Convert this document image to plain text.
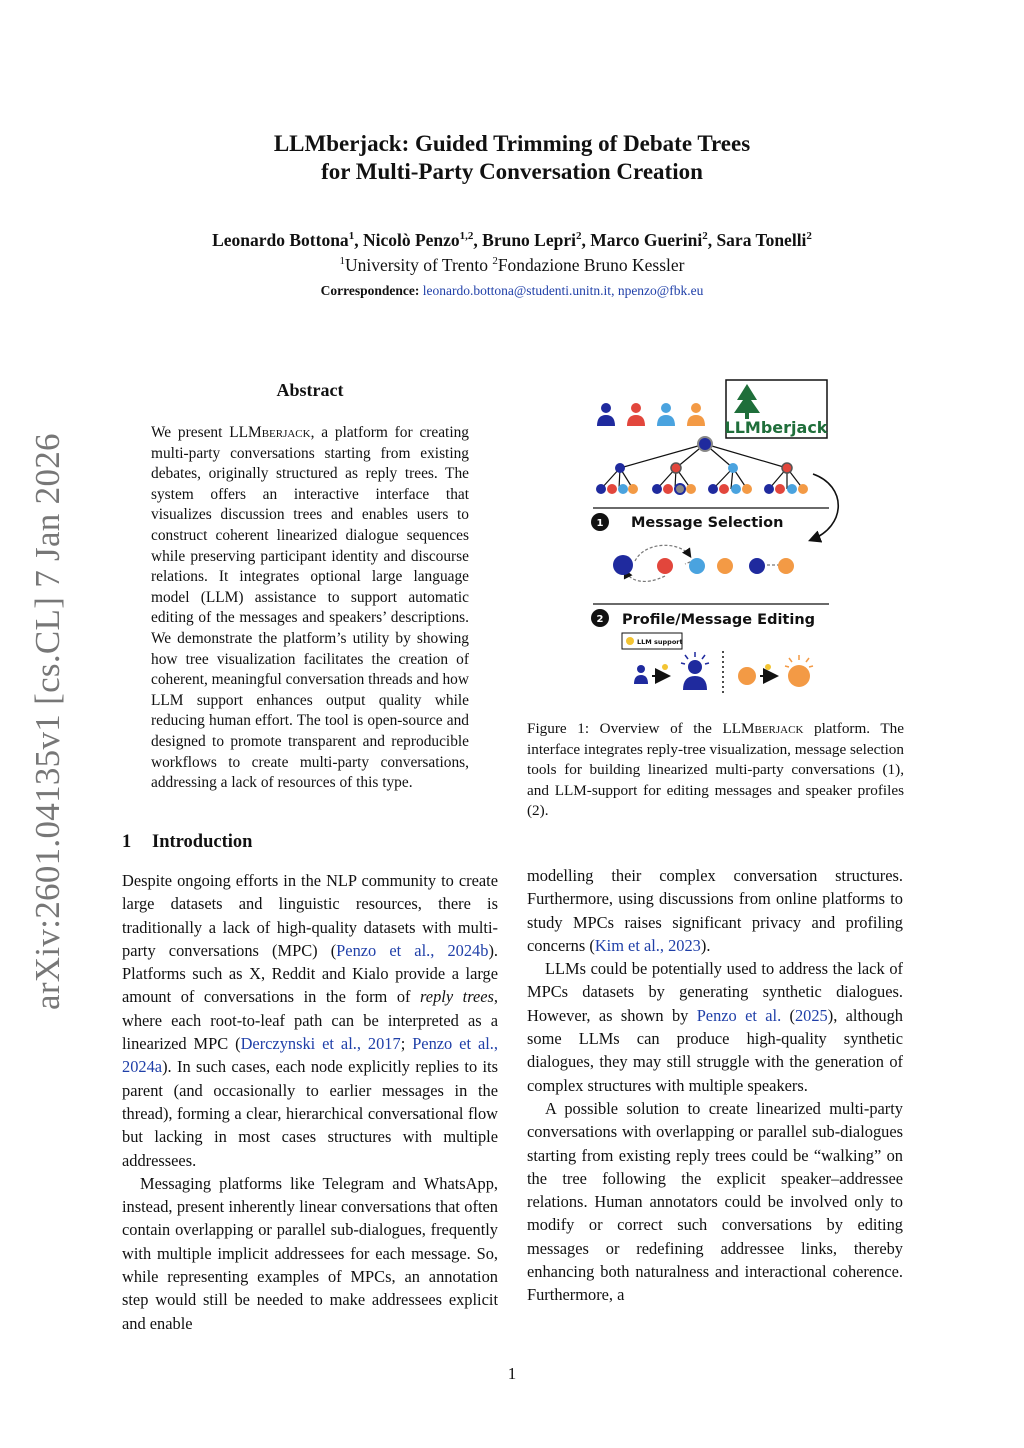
arXiv:2601.04135v1 [cs.CL] 7 Jan 2026
LLMberjack: Guided Trimming of Debate Trees
for Multi-Party Conversation Creation
Leonardo Bottona$^1$, Nicolò Penzo$^{1,2}$, Bruno Lepri$^2$, Marco Guerini$^2$, Sara Tonelli$^2$
$^1$University of Trento $^2$Fondazione Bruno Kessler
Correspondence: leonardo.bottona@studenti.unitn.it, npenzo@fbk.eu
Abstract
We present LLMberjack, a platform for creating multi-party conversations starting from existing debates, originally structured as reply trees. The system offers an interactive interface that visualizes discussion trees and enables users to construct coherent linearized dialogue sequences while preserving participant identity and discourse relations. It integrates optional large language model (LLM) assistance to support automatic editing of the messages and speakers’ descriptions. We demonstrate the platform’s utility by showing how tree visualization facilitates the creation of coherent, meaningful conversation threads and how LLM support enhances output quality while reducing human effort. The tool is open-source and designed to promote transparent and reproducible workflows to create multi-party conversations, addressing a lack of resources of this type.
LLMberjack
1 Message Selection
2 Profile/Message Editing
LLM support
Figure 1: Overview of the LLMberjack platform. The interface integrates reply-tree visualization, message selection tools for building linearized multi-party conversations (1), and LLM-support for editing messages and speaker profiles (2).
1 Introduction

Despite ongoing efforts in the NLP community to create large datasets and linguistic resources, there is traditionally a lack of high-quality datasets with multi-party conversations (MPC) (Penzo et al., 2024b). Platforms such as X, Reddit and Kialo provide a large amount of conversations in the form of reply trees, where each root-to-leaf path can be interpreted as a linearized MPC (Derczynski et al., 2017; Penzo et al., 2024a). In such cases, each node explicitly replies to its parent (and occasionally to earlier messages in the thread), forming a clear, hierarchical conversational flow but lacking in most cases structures with multiple addressees.

Messaging platforms like Telegram and WhatsApp, instead, present inherently linear conversations that often contain overlapping or parallel sub-dialogues, frequently with multiple implicit addressees for each message. So, while representing examples of MPCs, an annotation step would still be needed to make addressees explicit and enable

modelling their complex conversation structures. Furthermore, using discussions from online platforms to study MPCs raises significant privacy and profiling concerns (Kim et al., 2023).

LLMs could be potentially used to address the lack of MPCs datasets by generating synthetic dialogues. However, as shown by Penzo et al. (2025), although some LLMs can produce high-quality synthetic dialogues, they may still struggle with the generation of complex structures with multiple speakers.

A possible solution to create linearized multi-party conversations with overlapping or parallel sub-dialogues starting from existing reply trees could be “walking” on the tree following the explicit speaker–addressee relations. Human annotators could be involved only to modify or correct such conversations by editing messages or redefining addressee links, thereby enhancing both naturalness and interactional coherence. Furthermore, a

1
